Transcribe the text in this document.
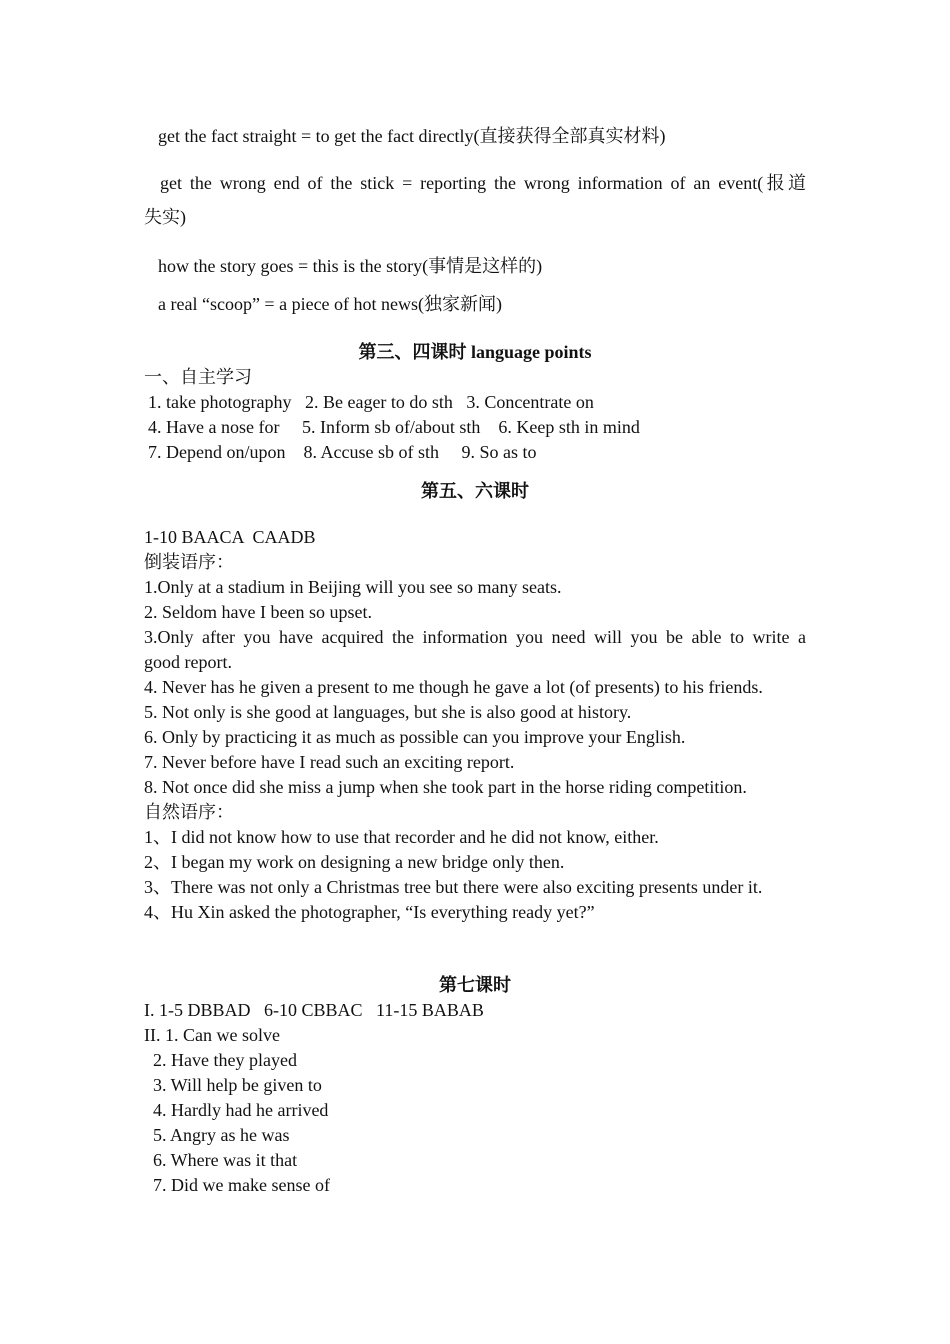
get the fact straight = to get the fact directly(直接获得全部真实材料)
get the wrong end of the stick = reporting the wrong information of an event(报道
失实)
how the story goes = this is the story(事情是这样的)
a real “scoop” = a piece of hot news(独家新闻)
第三、四课时 language points
一、自主学习
1. take photography   2. Be eager to do sth   3. Concentrate on
4. Have a nose for     5. Inform sb of/about sth    6. Keep sth in mind
7. Depend on/upon    8. Accuse sb of sth     9. So as to
第五、六课时
1-10 BAACA  CAADB
倒装语序：
1.Only at a stadium in Beijing will you see so many seats.
2. Seldom have I been so upset.
3.Only after you have acquired the information you need will you be able to write a
good report.
4. Never has he given a present to me though he gave a lot (of presents) to his friends.
5. Not only is she good at languages, but she is also good at history.
6. Only by practicing it as much as possible can you improve your English.
7. Never before have I read such an exciting report.
8. Not once did she miss a jump when she took part in the horse riding competition.
自然语序：
1、I did not know how to use that recorder and he did not know, either.
2、I began my work on designing a new bridge only then.
3、There was not only a Christmas tree but there were also exciting presents under it.
4、Hu Xin asked the photographer, “Is everything ready yet?”
第七课时
I. 1-5 DBBAD   6-10 CBBAC   11-15 BABAB
II. 1. Can we solve
2. Have they played
3. Will help be given to
4. Hardly had he arrived
5. Angry as he was
6. Where was it that
7. Did we make sense of
